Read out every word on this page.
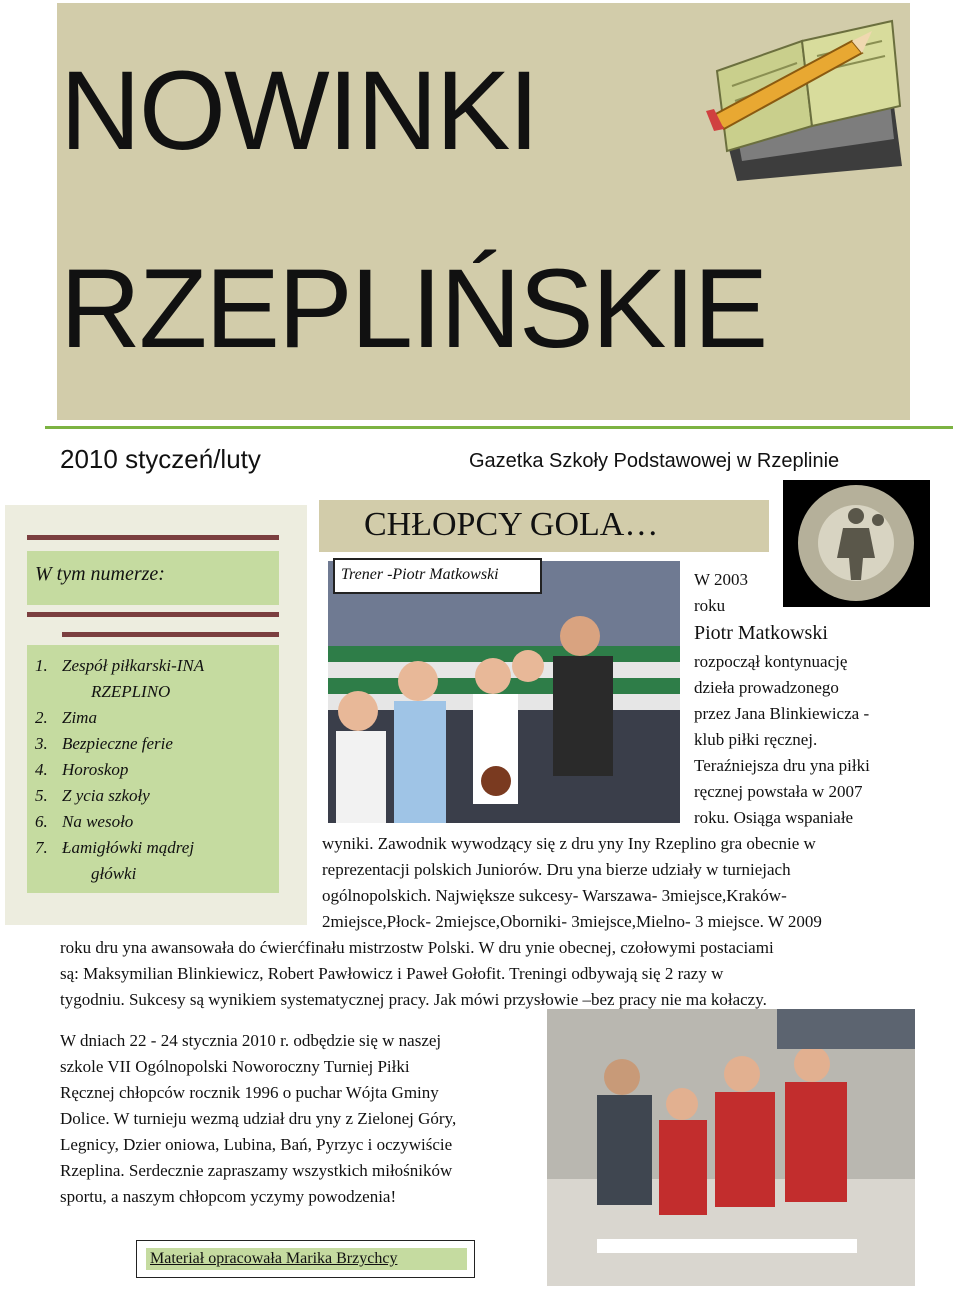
NOWINKI
RZEPLIŃSKIE
2010 styczeń/luty	Gazetka Szkoły Podstawowej w Rzeplinie
W tym numerze:
1. Zespół piłkarski-INA
RZEPLINO
2. Zima
3. Bezpieczne ferie
4. Horoskop
5. Z ycia szkoły
6. Na wesoło
7. Łamigłówki mądrej
główki
CHŁOPCY GOLA…
Trener -Piotr Matkowski	W 2003
roku
Piotr Matkowski
rozpoczął kontynuację
dzieła prowadzonego
przez Jana Blinkiewicza -
klub piłki ręcznej.
Teraźniejsza dru yna piłki
ręcznej powstała w 2007
roku. Osiąga wspaniałe
wyniki. Zawodnik wywodzący się z dru yny Iny Rzeplino gra obecnie w
reprezentacji polskich Juniorów. Dru yna bierze udziały w turniejach
ogólnopolskich. Największe sukcesy- Warszawa- 3miejsce,Kraków-
2miejsce,Płock- 2miejsce,Oborniki- 3miejsce,Mielno- 3 miejsce. W 2009
roku dru yna awansowała do ćwierćfinału mistrzostw Polski. W dru ynie obecnej, czołowymi postaciami
są: Maksymilian Blinkiewicz, Robert Pawłowicz i Paweł Gołofit. Treningi odbywają się 2 razy w
tygodniu. Sukcesy są wynikiem systematycznej pracy. Jak mówi przysłowie –bez pracy nie ma kołaczy.
W dniach 22 - 24 stycznia 2010 r. odbędzie się w naszej
szkole VII Ogólnopolski Noworoczny Turniej Piłki
Ręcznej chłopców rocznik 1996 o puchar Wójta Gminy
Dolice. W turnieju wezmą udział dru yny z Zielonej Góry,
Legnicy, Dzier oniowa, Lubina, Bań, Pyrzyc i oczywiście
Rzeplina. Serdecznie zapraszamy wszystkich miłośników
sportu, a naszym chłopcom yczymy powodzenia!
Materiał opracowała Marika Brzychcy
